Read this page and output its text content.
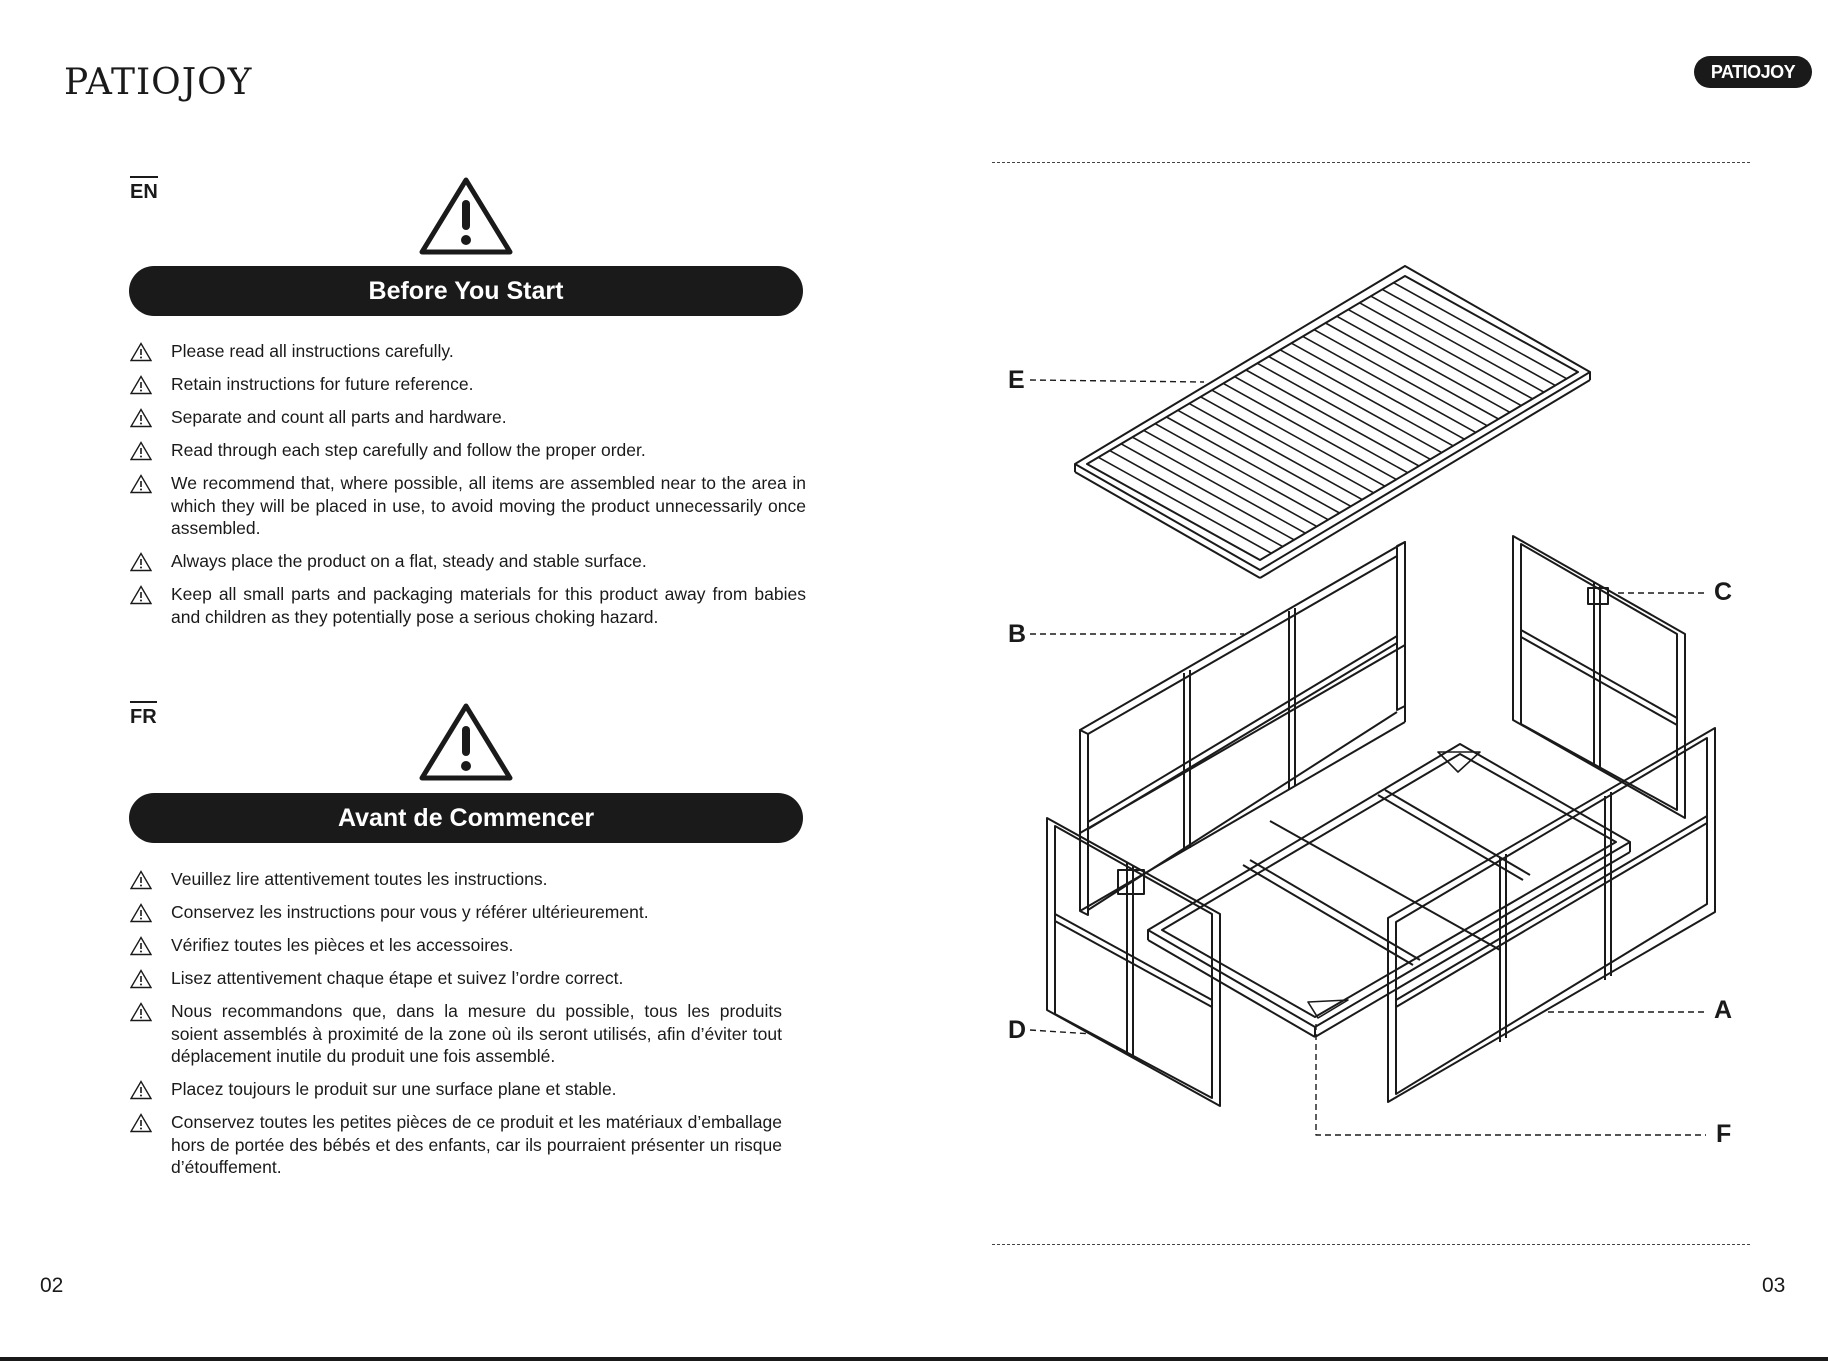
PATIOJOY	PATIOJOY
EN
Before You Start
Please read all instructions carefully.
Retain instructions for future reference.
Separate and count all parts and hardware.
Read through each step carefully and follow the proper order.
We recommend that, where possible, all items are assembled near to the area in which they will be placed in use, to avoid moving the product unnecessarily once assembled.
Always place the product on a flat, steady and stable surface.
Keep all small parts and packaging materials for this product away from babies and children as they potentially pose a serious choking hazard.
FR
Avant de Commencer
Veuillez lire attentivement toutes les instructions.
Conservez les instructions pour vous y référer ultérieurement.
Vérifiez toutes les pièces et les accessoires.
Lisez attentivement chaque étape et suivez l’ordre correct.
Nous recommandons que, dans la mesure du possible, tous les produits soient assemblés à proximité de la zone où ils seront utilisés, afin d’éviter tout déplacement inutile du produit une fois assemblé.
Placez toujours le produit sur une surface plane et stable.
Conservez toutes les petites pièces de ce produit et les matériaux d’emballage hors de portée des bébés et des enfants, car ils pourraient présenter un risque d’étouffement.
E
B
C
D
A
F
02	03
